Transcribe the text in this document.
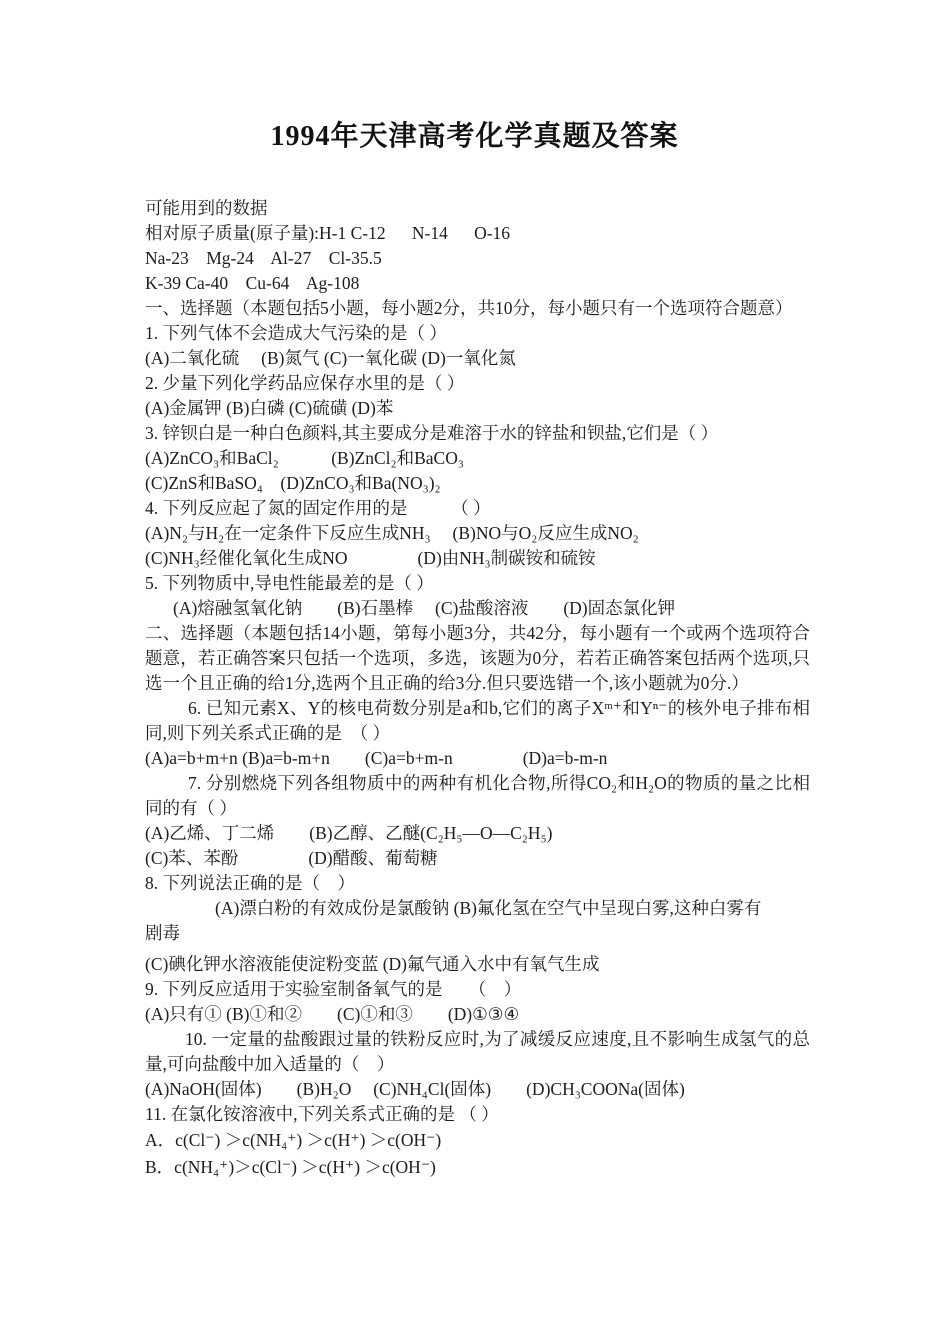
1994年天津高考化学真题及答案

可能用到的数据

相对原子质量(原子量):H-1 C-12      N-14      O-16

Na-23    Mg-24    Al-27    Cl-35.5

K-39 Ca-40    Cu-64    Ag-108

一、选择题（本题包括5小题，每小题2分，共10分，每小题只有一个选项符合题意）

1. 下列气体不会造成大气污染的是（ ）

(A)二氧化硫　 (B)氮气 (C)一氧化碳 (D)一氧化氮

2. 少量下列化学药品应保存水里的是（ ）

(A)金属钾 (B)白磷 (C)硫磺 (D)苯

3. 锌钡白是一种白色颜料,其主要成分是难溶于水的锌盐和钡盐,它们是（ ）

(A)ZnCO₃和BaCl₂　　　(B)ZnCl₂和BaCO₃

(C)ZnS和BaSO₄　(D)ZnCO₃和Ba(NO₃)₂

4. 下列反应起了氮的固定作用的是　　　（ ）

(A)N₂与H₂在一定条件下反应生成NH₃　 (B)NO与O₂反应生成NO₂

(C)NH₃经催化氧化生成NO　　　　(D)由NH₃制碳铵和硫铵

5. 下列物质中,导电性能最差的是（ ）

(A)熔融氢氧化钠　　(B)石墨棒　 (C)盐酸溶液　　(D)固态氯化钾

二、选择题（本题包括14小题，第每小题3分，共42分，每小题有一个或两个选项符合题意，若正确答案只包括一个选项，多选，该题为0分，若若正确答案包括两个选项,只选一个且正确的给1分,选两个且正确的给3分.但只要选错一个,该小题就为0分.）

6. 已知元素X、Y的核电荷数分别是a和b,它们的离子Xᵐ⁺和Yⁿ⁻的核外电子排布相同,则下列关系式正确的是　（ ）

(A)a=b+m+n (B)a=b-m+n　　(C)a=b+m-n　　　　(D)a=b-m-n

7. 分别燃烧下列各组物质中的两种有机化合物,所得CO₂和H₂O的物质的量之比相同的有（ ）

(A)乙烯、丁二烯　　(B)乙醇、乙醚(C₂H₅—O—C₂H₅)

(C)苯、苯酚　　　　(D)醋酸、葡萄糖

8. 下列说法正确的是（　）

(A)漂白粉的有效成份是氯酸钠 (B)氟化氢在空气中呈现白雾,这种白雾有剧毒

(C)碘化钾水溶液能使淀粉变蓝 (D)氟气通入水中有氧气生成

9. 下列反应适用于实验室制备氧气的是　　（　）

(A)只有① (B)①和②　　(C)①和③　　(D)①③④

10. 一定量的盐酸跟过量的铁粉反应时,为了减缓反应速度,且不影响生成氢气的总量,可向盐酸中加入适量的（　）

(A)NaOH(固体)　　(B)H₂O　 (C)NH₄Cl(固体)　　(D)CH₃COONa(固体)

11. 在氯化铵溶液中,下列关系式正确的是 （ ）

A．c(Cl⁻) ＞c(NH₄⁺) ＞c(H⁺) ＞c(OH⁻)

B．c(NH₄⁺)＞c(Cl⁻) ＞c(H⁺) ＞c(OH⁻)
